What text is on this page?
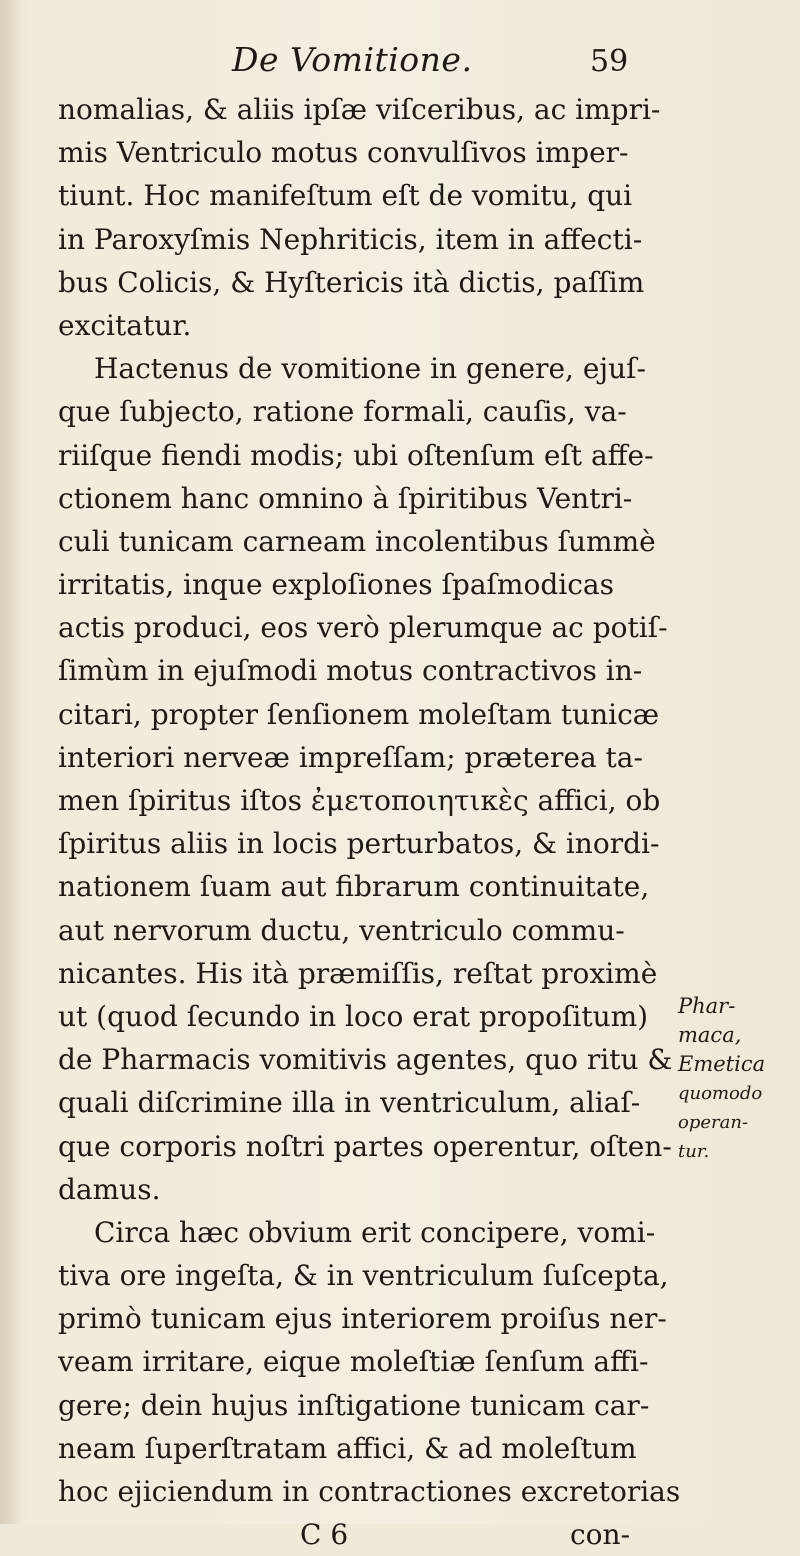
De Vomitione.	59
nomalias, & aliis ipſæ viſceribus, ac impri-
mis Ventriculo motus convulſivos imper-
tiunt. Hoc manifeſtum eſt de vomitu, qui
in Paroxyſmis Nephriticis, item in affecti-
bus Colicis, & Hyſtericis ità dictis, paſſim
excitatur.
Hactenus de vomitione in genere, ejuſ-
que ſubjecto, ratione formali, cauſis, va-
riiſque fiendi modis; ubi oſtenſum eſt affe-
ctionem hanc omnino à ſpiritibus Ventri-
culi tunicam carneam incolentibus ſummè
irritatis, inque exploſiones ſpaſmodicas
actis produci, eos verò plerumque ac potiſ-
ſimùm in ejuſmodi motus contractivos in-
citari, propter ſenſionem moleſtam tunicæ
interiori nerveæ impreſſam; præterea ta-
men ſpiritus iſtos ἐμετοποιητικὲς affici, ob
ſpiritus aliis in locis perturbatos, & inordi-
nationem ſuam aut fibrarum continuitate,
aut nervorum ductu, ventriculo commu-
nicantes. His ità præmiſſis, reſtat proximè
ut (quod ſecundo in loco erat propoſitum)
de Pharmacis vomitivis agentes, quo ritu &
quali diſcrimine illa in ventriculum, aliaſ-
que corporis noſtri partes operentur, oſten-
damus.
Circa hæc obvium erit concipere, vomi-
tiva ore ingeſta, & in ventriculum ſuſcepta,
primò tunicam ejus interiorem proiſus ner-
veam irritare, eique moleſtiæ ſenſum affi-
gere; dein hujus inſtigatione tunicam car-
neam ſuperſtratam affici, & ad moleſtum
hoc ejiciendum in contractiones excretorias
C 6	con-
Phar-
maca,
Emetica
quomodo
operan-
tur.
